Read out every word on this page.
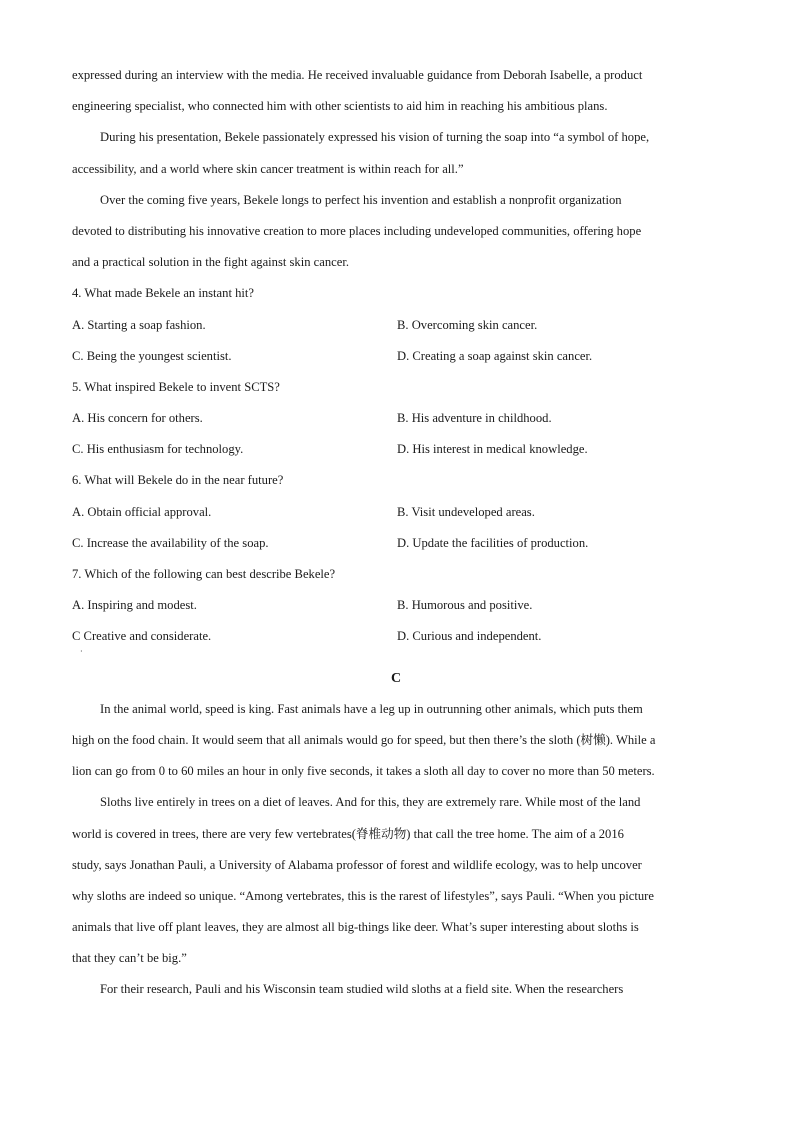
expressed during an interview with the media. He received invaluable guidance from Deborah Isabelle, a product
engineering specialist, who connected him with other scientists to aid him in reaching his ambitious plans.
During his presentation, Bekele passionately expressed his vision of turning the soap into “a symbol of hope,
accessibility, and a world where skin cancer treatment is within reach for all.”
Over the coming five years, Bekele longs to perfect his invention and establish a nonprofit organization
devoted to distributing his innovative creation to more places including undeveloped communities, offering hope
and a practical solution in the fight against skin cancer.
4. What made Bekele an instant hit?
A. Starting a soap fashion.	B. Overcoming skin cancer.
C. Being the youngest scientist.	D. Creating a soap against skin cancer.
5. What inspired Bekele to invent SCTS?
A. His concern for others.	B. His adventure in childhood.
C. His enthusiasm for technology.	D. His interest in medical knowledge.
6. What will Bekele do in the near future?
A. Obtain official approval.	B. Visit undeveloped areas.
C. Increase the availability of the soap.	D. Update the facilities of production.
7. Which of the following can best describe Bekele?
A. Inspiring and modest.	B. Humorous and positive.
C Creative and considerate.	D. Curious and independent.
·
C
In the animal world, speed is king. Fast animals have a leg up in outrunning other animals, which puts them
high on the food chain. It would seem that all animals would go for speed, but then there’s the sloth (树懒). While a
lion can go from 0 to 60 miles an hour in only five seconds, it takes a sloth all day to cover no more than 50 meters.
Sloths live entirely in trees on a diet of leaves. And for this, they are extremely rare. While most of the land
world is covered in trees, there are very few vertebrates(脊椎动物) that call the tree home. The aim of a 2016
study, says Jonathan Pauli, a University of Alabama professor of forest and wildlife ecology, was to help uncover
why sloths are indeed so unique. “Among vertebrates, this is the rarest of lifestyles”, says Pauli. “When you picture
animals that live off plant leaves, they are almost all big-things like deer. What’s super interesting about sloths is
that they can’t be big.”
For their research, Pauli and his Wisconsin team studied wild sloths at a field site. When the researchers
